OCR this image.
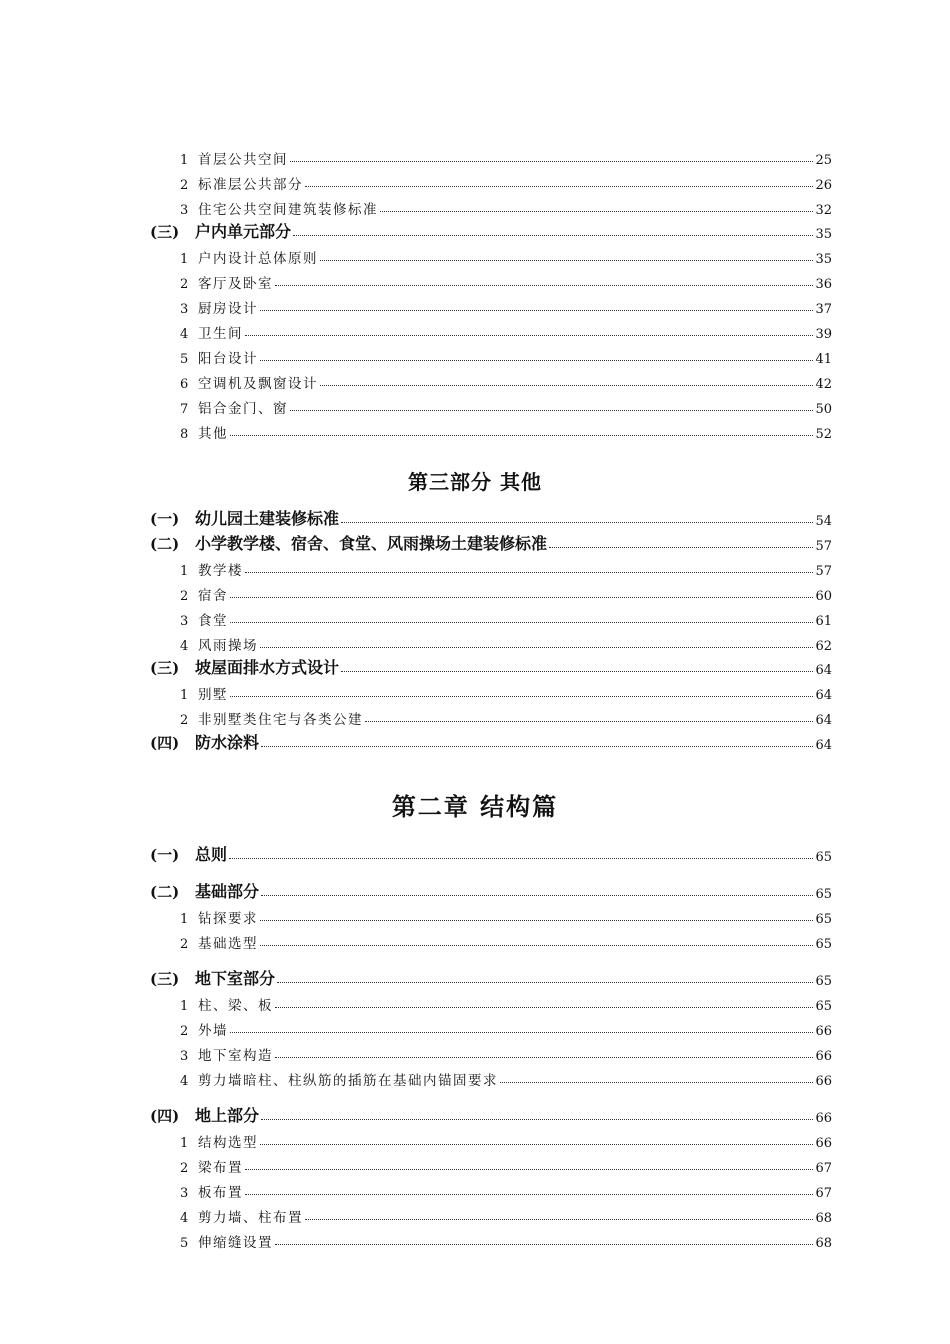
1 首层公共空间	25
2 标准层公共部分	26
3 住宅公共空间建筑装修标准	32
(三) 户内单元部分	35
1 户内设计总体原则	35
2 客厅及卧室	36
3 厨房设计	37
4 卫生间	39
5 阳台设计	41
6 空调机及飘窗设计	42
7 铝合金门、窗	50
8 其他	52
第三部分 其他
(一) 幼儿园土建装修标准	54
(二) 小学教学楼、宿舍、食堂、风雨操场土建装修标准	57
1 教学楼	57
2 宿舍	60
3 食堂	61
4 风雨操场	62
(三) 坡屋面排水方式设计	64
1 别墅	64
2 非别墅类住宅与各类公建	64
(四) 防水涂料	64
第二章 结构篇
(一) 总则	65
(二) 基础部分	65
1 钻探要求	65
2 基础选型	65
(三) 地下室部分	65
1 柱、梁、板	65
2 外墙	66
3 地下室构造	66
4 剪力墙暗柱、柱纵筋的插筋在基础内锚固要求	66
(四) 地上部分	66
1 结构选型	66
2 梁布置	67
3 板布置	67
4 剪力墙、柱布置	68
5 伸缩缝设置	68
